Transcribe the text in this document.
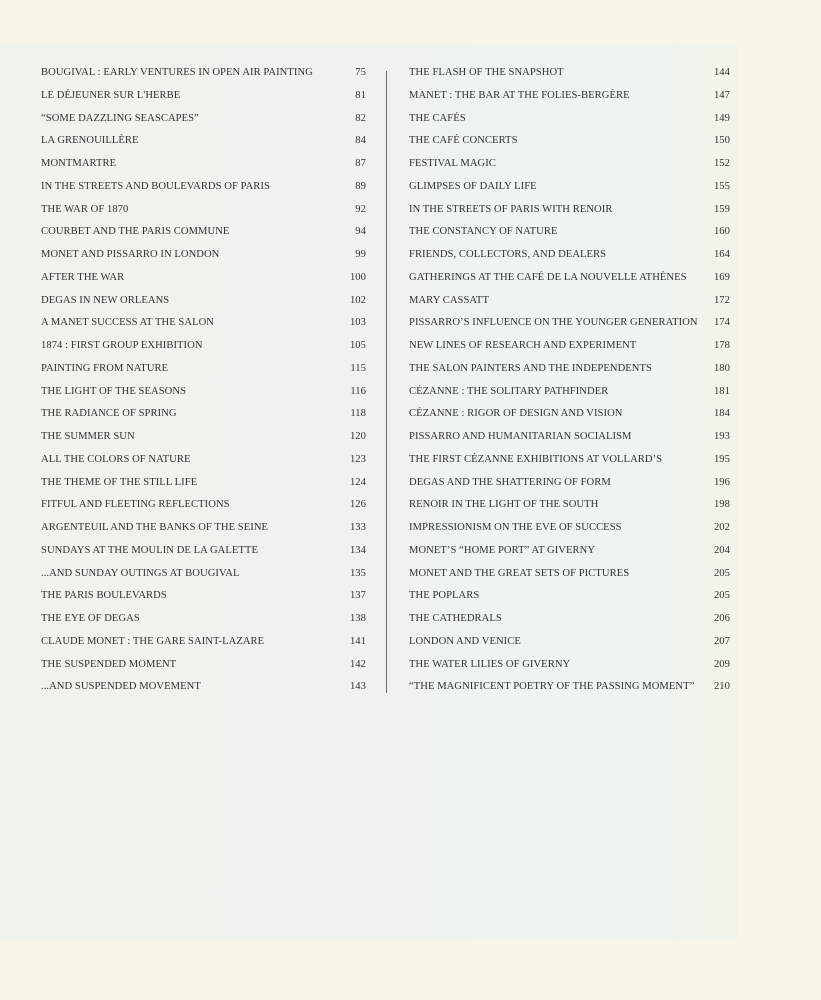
BOUGIVAL : EARLY VENTURES IN OPEN AIR PAINTING	75
LE DÉJEUNER SUR L'HERBE	81
“SOME DAZZLING SEASCAPES”	82
LA GRENOUILLÈRE	84
MONTMARTRE	87
IN THE STREETS AND BOULEVARDS OF PARIS	89
THE WAR OF 1870	92
COURBET AND THE PARIS COMMUNE	94
MONET AND PISSARRO IN LONDON	99
AFTER THE WAR	100
DEGAS IN NEW ORLEANS	102
A MANET SUCCESS AT THE SALON	103
1874 : FIRST GROUP EXHIBITION	105
PAINTING FROM NATURE	115
THE LIGHT OF THE SEASONS	116
THE RADIANCE OF SPRING	118
THE SUMMER SUN	120
ALL THE COLORS OF NATURE	123
THE THEME OF THE STILL LIFE	124
FITFUL AND FLEETING REFLECTIONS	126
ARGENTEUIL AND THE BANKS OF THE SEINE	133
SUNDAYS AT THE MOULIN DE LA GALETTE	134
...AND SUNDAY OUTINGS AT BOUGIVAL	135
THE PARIS BOULEVARDS	137
THE EYE OF DEGAS	138
CLAUDE MONET : THE GARE SAINT-LAZARE	141
THE SUSPENDED MOMENT	142
...AND SUSPENDED MOVEMENT	143
THE FLASH OF THE SNAPSHOT	144
MANET : THE BAR AT THE FOLIES-BERGÈRE	147
THE CAFÉS	149
THE CAFÉ CONCERTS	150
FESTIVAL MAGIC	152
GLIMPSES OF DAILY LIFE	155
IN THE STREETS OF PARIS WITH RENOIR	159
THE CONSTANCY OF NATURE	160
FRIENDS, COLLECTORS, AND DEALERS	164
GATHERINGS AT THE CAFÉ DE LA NOUVELLE ATHÈNES	169
MARY CASSATT	172
PISSARRO’S INFLUENCE ON THE YOUNGER GENERATION	174
NEW LINES OF RESEARCH AND EXPERIMENT	178
THE SALON PAINTERS AND THE INDEPENDENTS	180
CÉZANNE : THE SOLITARY PATHFINDER	181
CÉZANNE : RIGOR OF DESIGN AND VISION	184
PISSARRO AND HUMANITARIAN SOCIALISM	193
THE FIRST CÉZANNE EXHIBITIONS AT VOLLARD’S	195
DEGAS AND THE SHATTERING OF FORM	196
RENOIR IN THE LIGHT OF THE SOUTH	198
IMPRESSIONISM ON THE EVE OF SUCCESS	202
MONET’S “HOME PORT” AT GIVERNY	204
MONET AND THE GREAT SETS OF PICTURES	205
THE POPLARS	205
THE CATHEDRALS	206
LONDON AND VENICE	207
THE WATER LILIES OF GIVERNY	209
“THE MAGNIFICENT POETRY OF THE PASSING MOMENT”	210
